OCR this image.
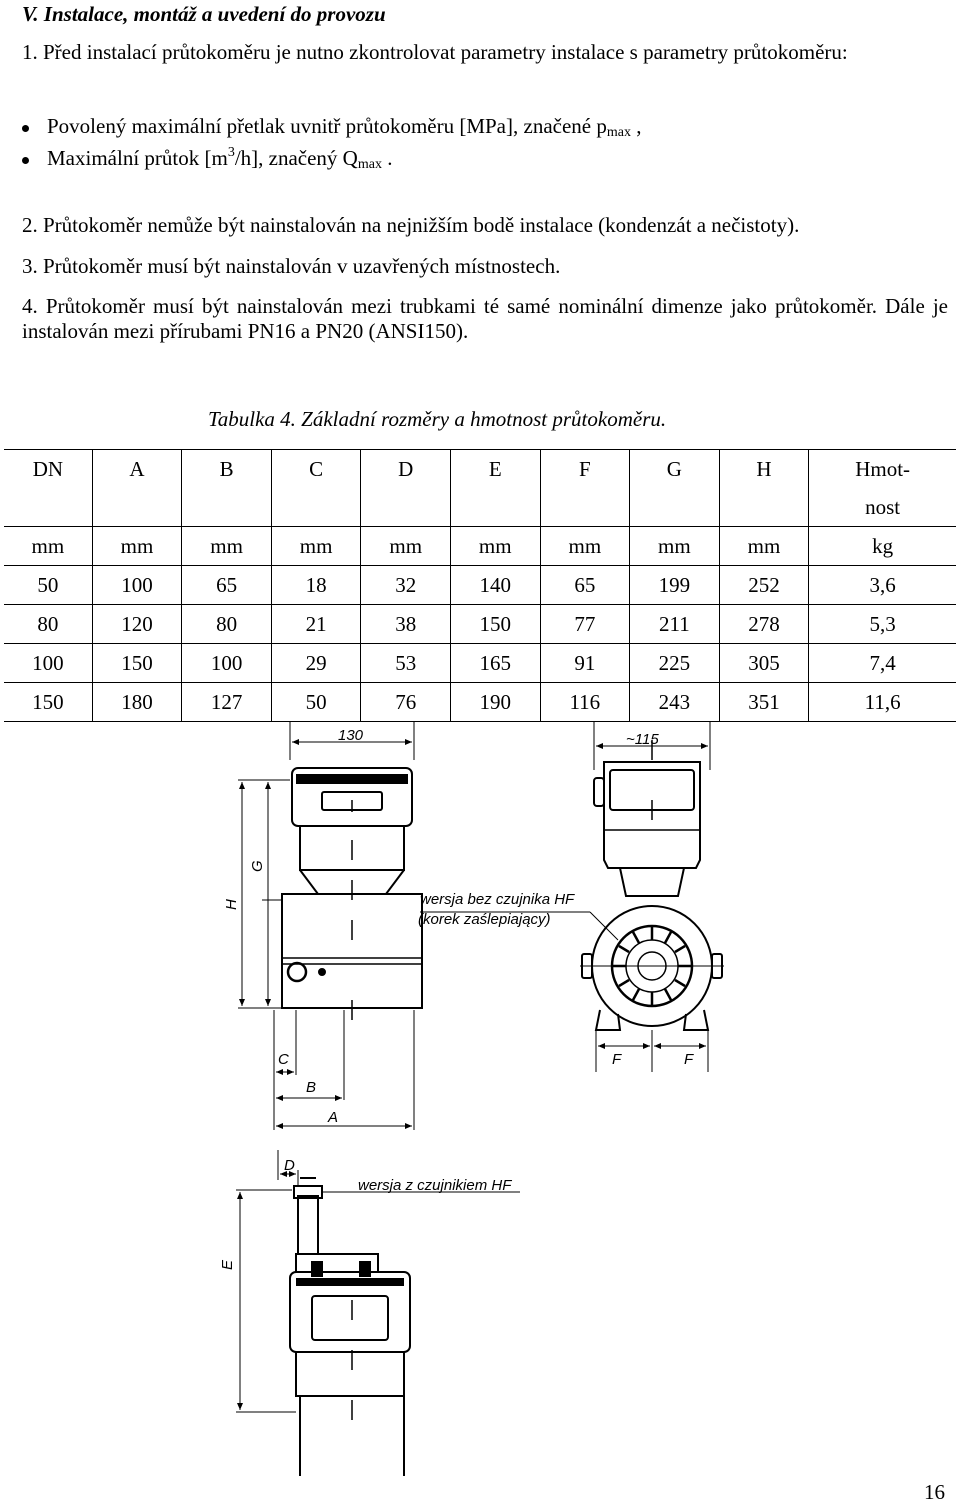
V. Instalace, montáž a uvedení do provozu
1. Před instalací průtokoměru je nutno zkontrolovat parametry instalace s parametry průtokoměru:
Povolený maximální přetlak uvnitř průtokoměru [MPa], značené pmax ,
Maximální průtok $[m^3/h]$, značený Qmax .
2. Průtokoměr nemůže být nainstalován na nejnižším bodě instalace (kondenzát a nečistoty).
3. Průtokoměr musí být nainstalován v uzavřených místnostech.
4. Průtokoměr musí být nainstalován mezi trubkami té samé nominální dimenze jako průtokoměr. Dále je instalován mezi přírubami PN16 a PN20 (ANSI150).
Tabulka 4. Základní rozměry a hmotnost průtokoměru.
DN	A	B	C	D	E	F	G	H	Hmot-
									nost
mm	mm	mm	mm	mm	mm	mm	mm	mm	kg
50	100	65	18	32	140	65	199	252	3,6
80	120	80	21	38	150	77	211	278	5,3
100	150	100	29	53	165	91	225	305	7,4
150	180	127	50	76	190	116	243	351	11,6
130	~115
G
H
C
B
A
F	F
D
E
wersja bez czujnika HF
(korek zaślepiający)
wersja z czujnikiem HF
16
